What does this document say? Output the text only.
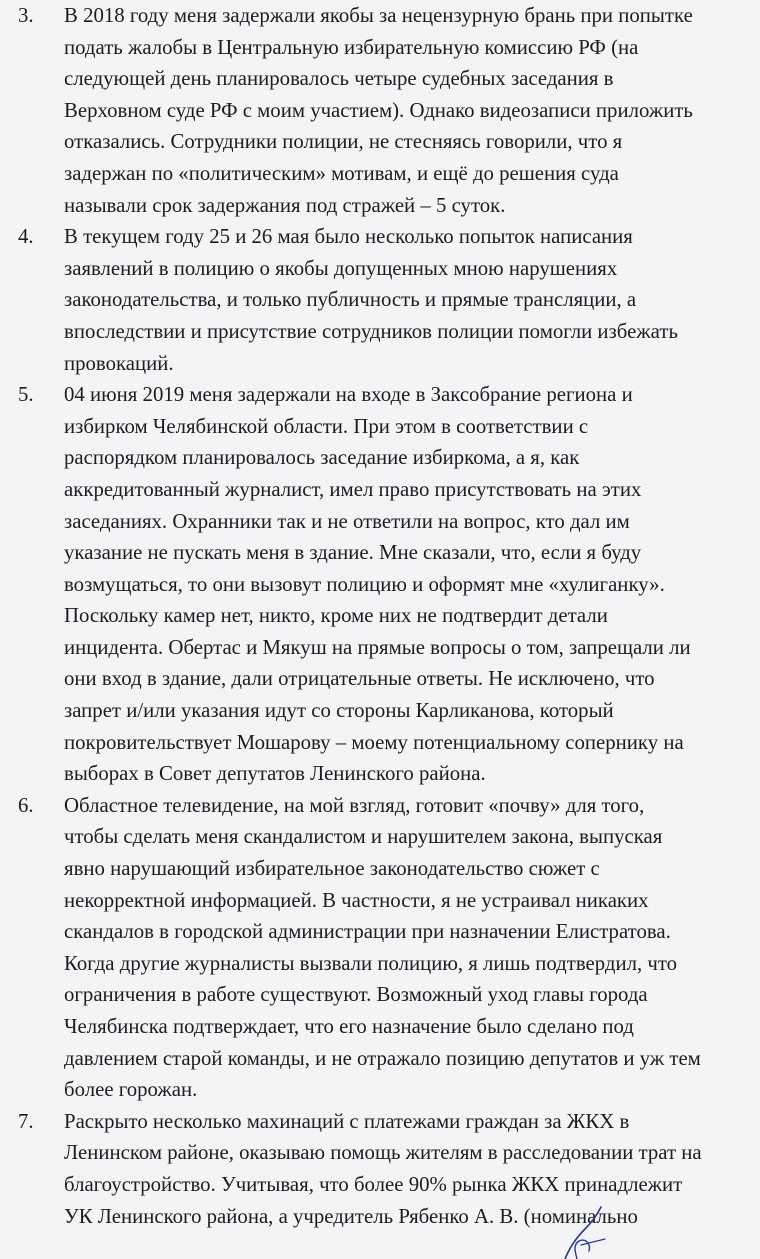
3.	В 2018 году меня задержали якобы за нецензурную брань при попытке
подать жалобы в Центральную избирательную комиссию РФ (на
следующей день планировалось четыре судебных заседания в
Верховном суде РФ с моим участием). Однако видеозаписи приложить
отказались. Сотрудники полиции, не стесняясь говорили, что я
задержан по «политическим» мотивам, и ещё до решения суда
называли срок задержания под стражей – 5 суток.
4.	В текущем году 25 и 26 мая было несколько попыток написания
заявлений в полицию о якобы допущенных мною нарушениях
законодательства, и только публичность и прямые трансляции, а
впоследствии и присутствие сотрудников полиции помогли избежать
провокаций.
5.	04 июня 2019 меня задержали на входе в Заксобрание региона и
избирком Челябинской области. При этом в соответствии с
распорядком планировалось заседание избиркома, а я, как
аккредитованный журналист, имел право присутствовать на этих
заседаниях. Охранники так и не ответили на вопрос, кто дал им
указание не пускать меня в здание. Мне сказали, что, если я буду
возмущаться, то они вызовут полицию и оформят мне «хулиганку».
Поскольку камер нет, никто, кроме них не подтвердит детали
инцидента. Обертас и Мякуш на прямые вопросы о том, запрещали ли
они вход в здание, дали отрицательные ответы. Не исключено, что
запрет и/или указания идут со стороны Карликанова, который
покровительствует Мошарову – моему потенциальному сопернику на
выборах в Совет депутатов Ленинского района.
6.	Областное телевидение, на мой взгляд, готовит «почву» для того,
чтобы сделать меня скандалистом и нарушителем закона, выпуская
явно нарушающий избирательное законодательство сюжет с
некорректной информацией. В частности, я не устраивал никаких
скандалов в городской администрации при назначении Елистратова.
Когда другие журналисты вызвали полицию, я лишь подтвердил, что
ограничения в работе существуют. Возможный уход главы города
Челябинска подтверждает, что его назначение было сделано под
давлением старой команды, и не отражало позицию депутатов и уж тем
более горожан.
7.	Раскрыто несколько махинаций с платежами граждан за ЖКХ в
Ленинском районе, оказываю помощь жителям в расследовании трат на
благоустройство. Учитывая, что более 90% рынка ЖКХ принадлежит
УК Ленинского района, а учредитель Рябенко А. В. (номинально
